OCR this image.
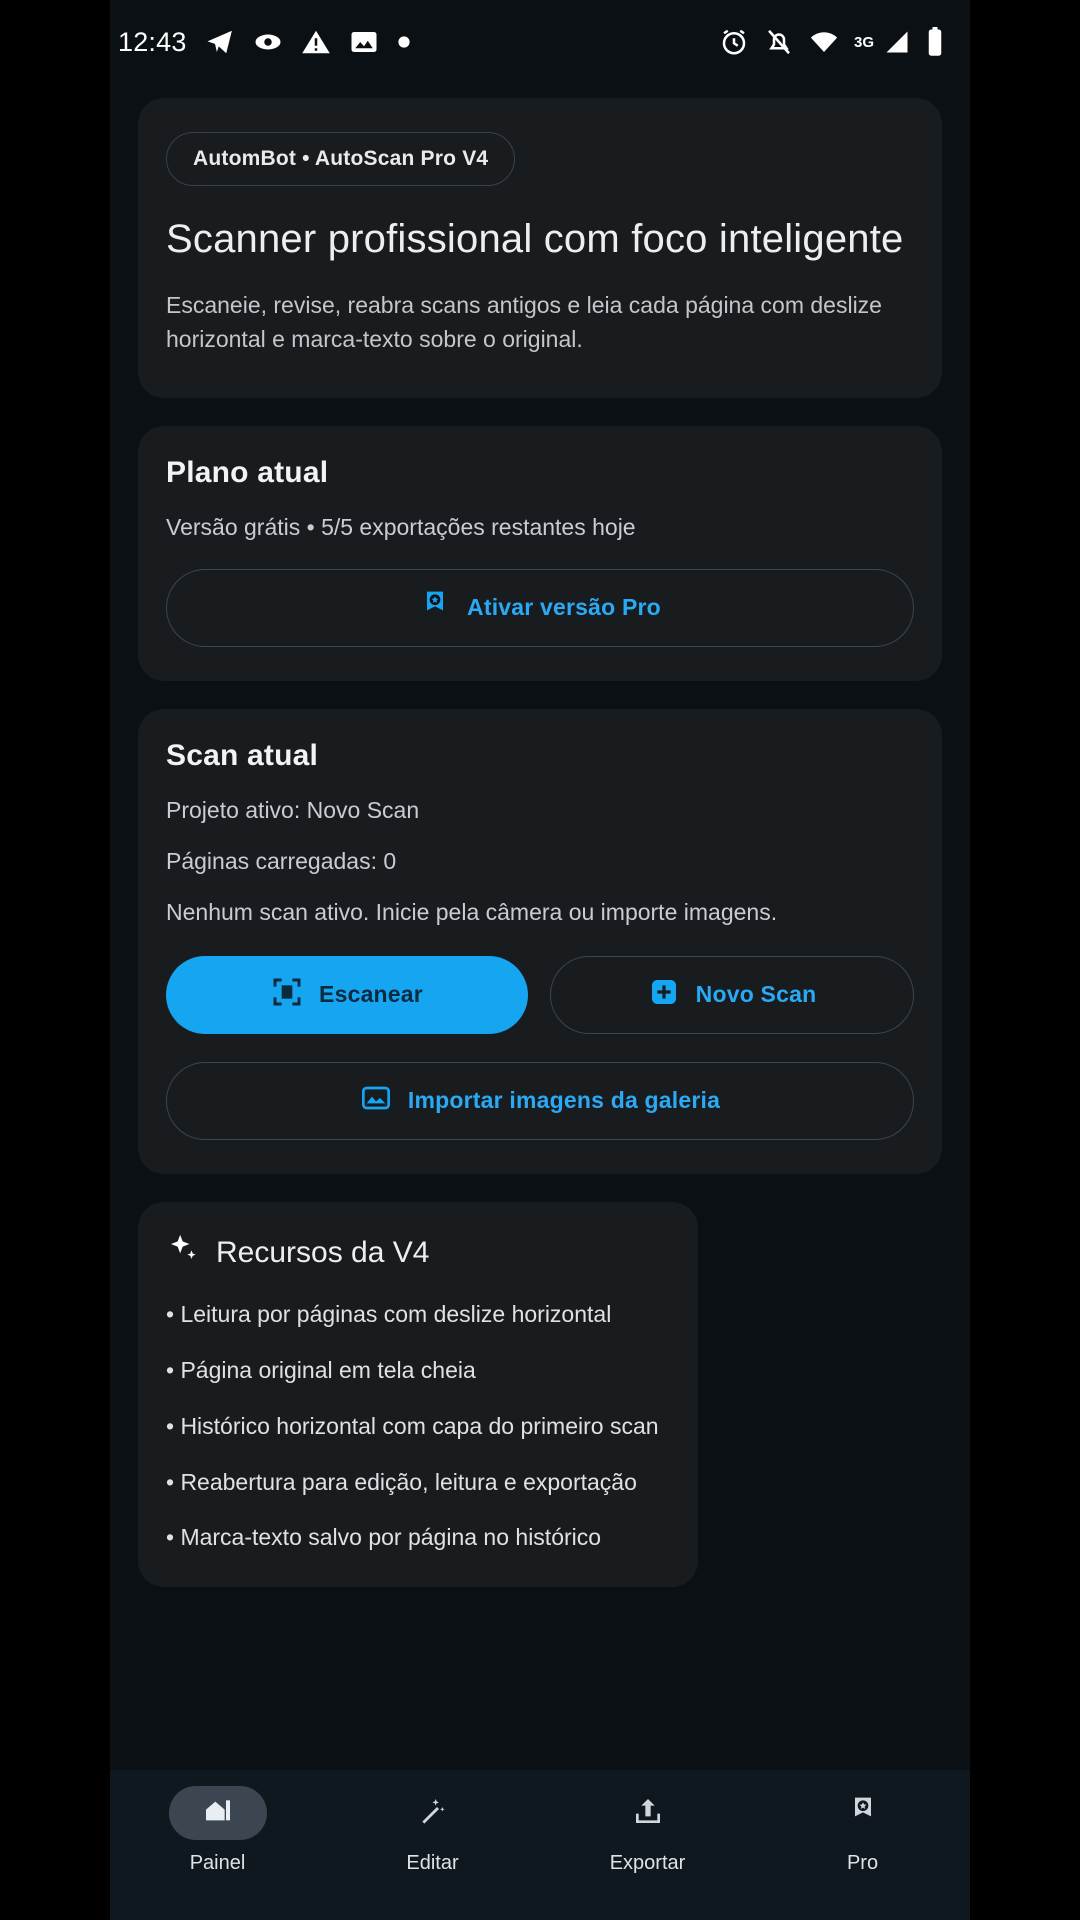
12:43	3G
AutomBot • AutoScan Pro V4
Scanner profissional com foco inteligente
Escaneie, revise, reabra scans antigos e leia cada página com deslize horizontal e marca-texto sobre o original.
Plano atual
Versão grátis • 5/5 exportações restantes hoje
Ativar versão Pro
Scan atual
Projeto ativo: Novo Scan
Páginas carregadas: 0
Nenhum scan ativo. Inicie pela câmera ou importe imagens.
Escanear	Novo Scan
Importar imagens da galeria
Recursos da V4
• Leitura por páginas com deslize horizontal
• Página original em tela cheia
• Histórico horizontal com capa do primeiro scan
• Reabertura para edição, leitura e exportação
• Marca-texto salvo por página no histórico
Painel	Editar	Exportar	Pro
